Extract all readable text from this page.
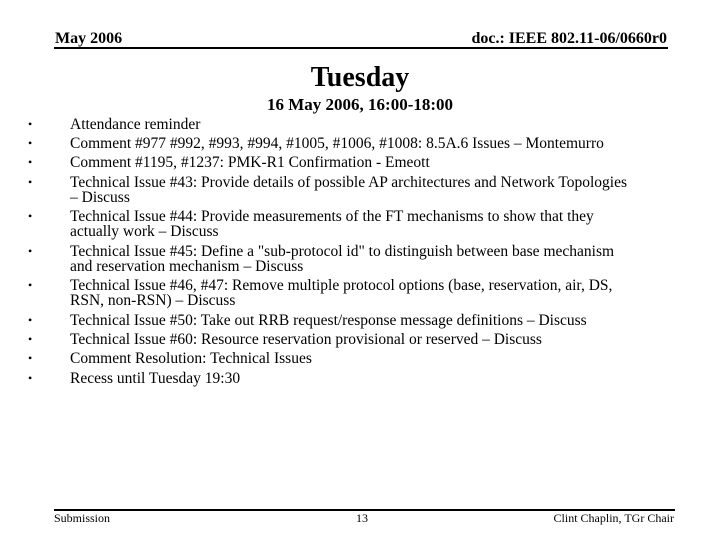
May 2006	doc.: IEEE 802.11-06/0660r0
Tuesday
16 May 2006, 16:00-18:00
• Attendance reminder
• Comment #977 #992, #993, #994, #1005, #1006, #1008: 8.5A.6 Issues – Montemurro
• Comment #1195, #1237: PMK-R1 Confirmation - Emeott
• Technical Issue #43: Provide details of possible AP architectures and Network Topologies
– Discuss
• Technical Issue #44: Provide measurements of the FT mechanisms to show that they
actually work – Discuss
• Technical Issue #45: Define a "sub-protocol id" to distinguish between base mechanism
and reservation mechanism – Discuss
• Technical Issue #46, #47: Remove multiple protocol options (base, reservation, air, DS,
RSN, non-RSN) – Discuss
• Technical Issue #50: Take out RRB request/response message definitions – Discuss
• Technical Issue #60: Resource reservation provisional or reserved – Discuss
• Comment Resolution: Technical Issues
• Recess until Tuesday 19:30
Submission	13	Clint Chaplin, TGr Chair
